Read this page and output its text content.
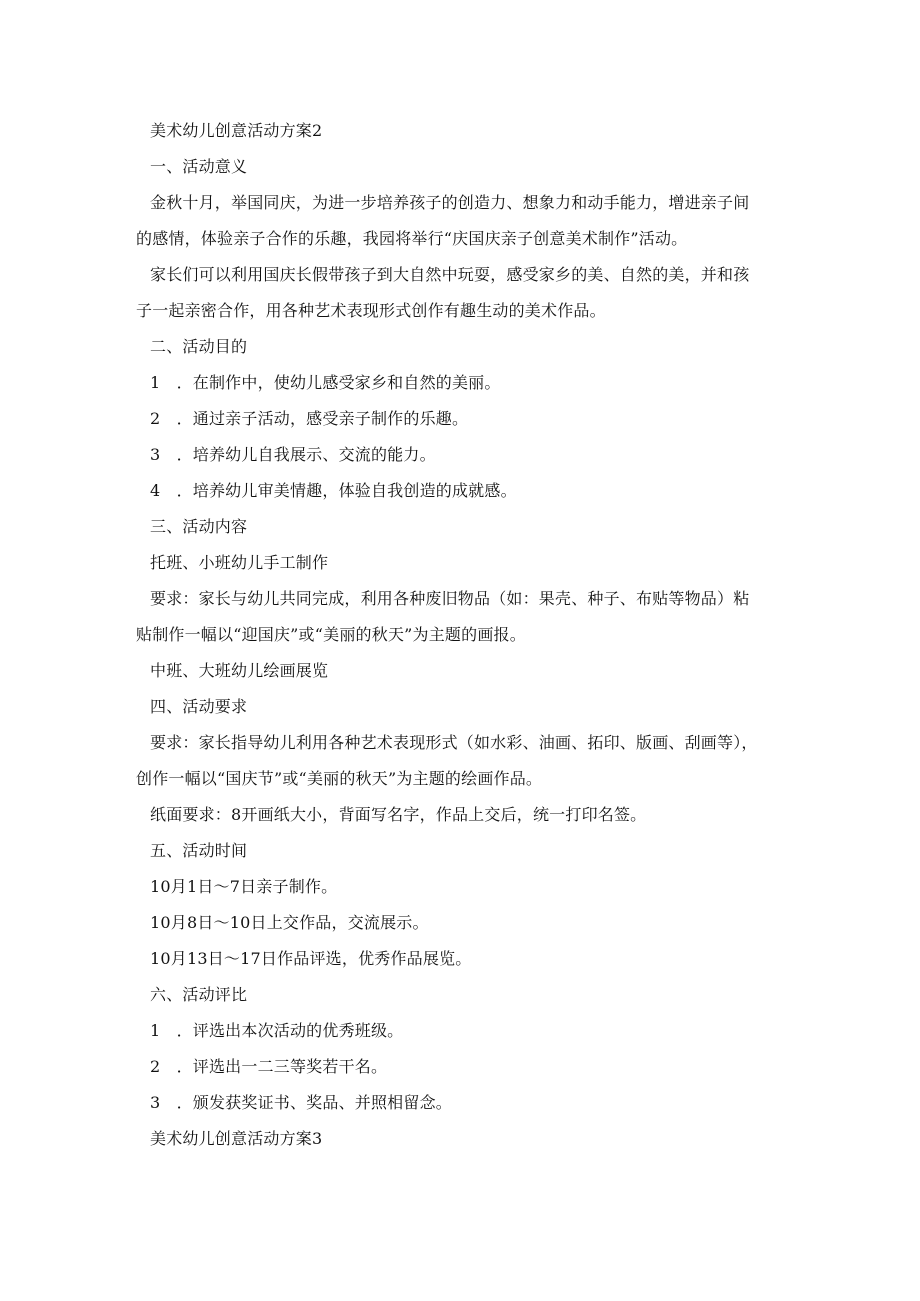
美术幼儿创意活动方案2
一、活动意义
金秋十月，举国同庆，为进一步培养孩子的创造力、想象力和动手能力，增进亲子间
的感情，体验亲子合作的乐趣，我园将举行“庆国庆亲子创意美术制作”活动。
家长们可以利用国庆长假带孩子到大自然中玩耍，感受家乡的美、自然的美，并和孩
子一起亲密合作，用各种艺术表现形式创作有趣生动的美术作品。
二、活动目的
1　．在制作中，使幼儿感受家乡和自然的美丽。
2　．通过亲子活动，感受亲子制作的乐趣。
3　．培养幼儿自我展示、交流的能力。
4　．培养幼儿审美情趣，体验自我创造的成就感。
三、活动内容
托班、小班幼儿手工制作
要求：家长与幼儿共同完成，利用各种废旧物品（如：果壳、种子、布贴等物品）粘
贴制作一幅以“迎国庆”或“美丽的秋天”为主题的画报。
中班、大班幼儿绘画展览
四、活动要求
要求：家长指导幼儿利用各种艺术表现形式（如水彩、油画、拓印、版画、刮画等），
创作一幅以“国庆节”或“美丽的秋天”为主题的绘画作品。
纸面要求：8开画纸大小，背面写名字，作品上交后，统一打印名签。
五、活动时间
10月1日～7日亲子制作。
10月8日～10日上交作品，交流展示。
10月13日～17日作品评选，优秀作品展览。
六、活动评比
1　．评选出本次活动的优秀班级。
2　．评选出一二三等奖若干名。
3　．颁发获奖证书、奖品、并照相留念。
美术幼儿创意活动方案3
